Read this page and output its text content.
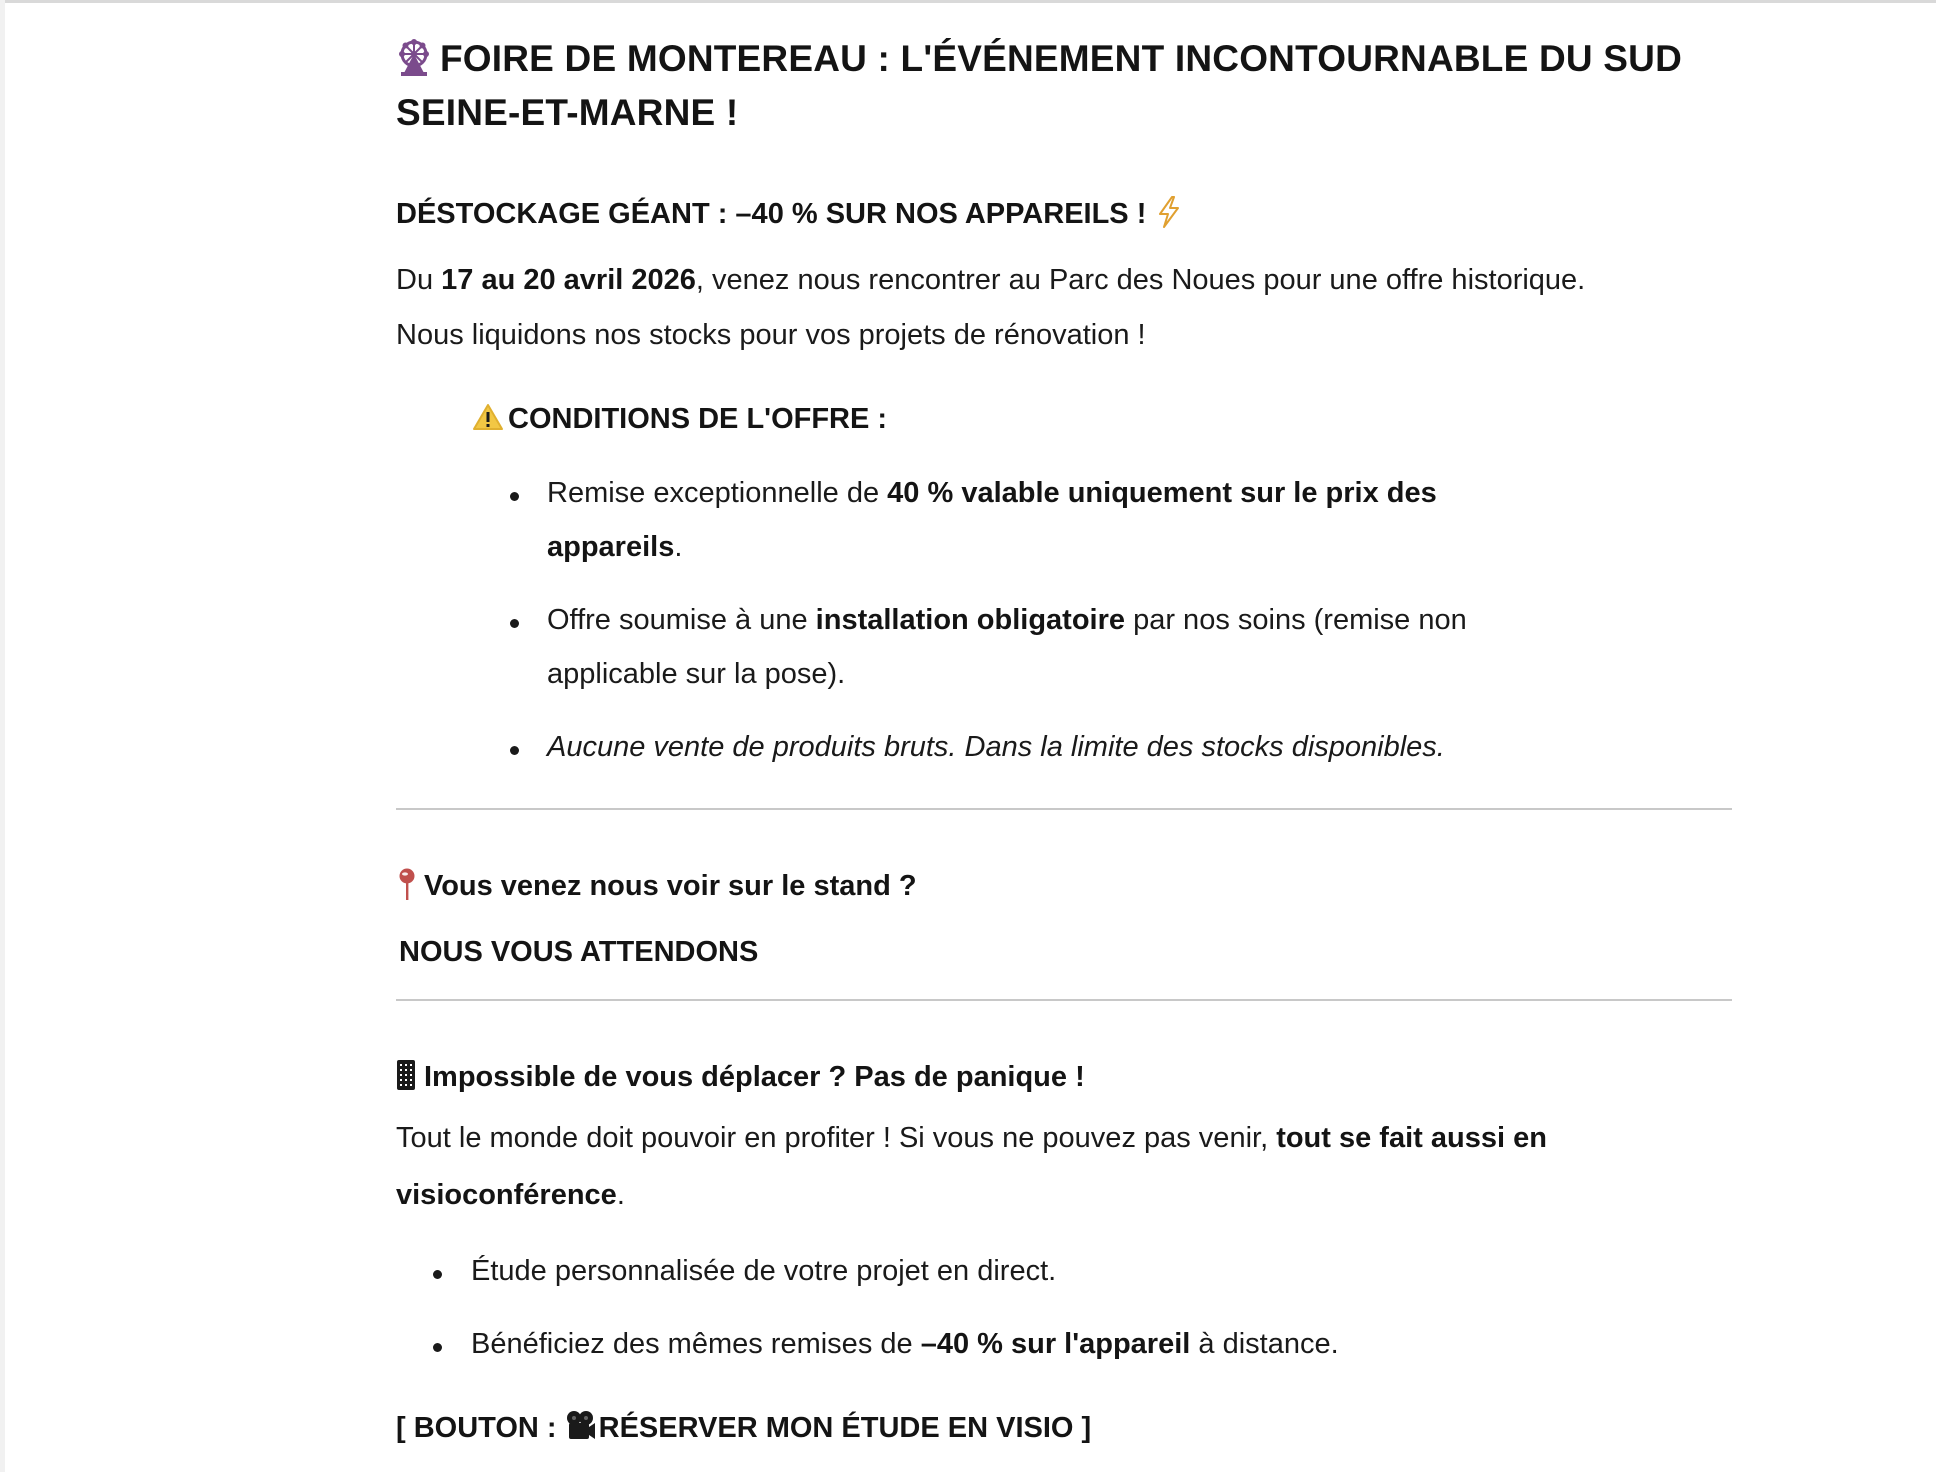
FOIRE DE MONTEREAU : L'ÉVÉNEMENT INCONTOURNABLE DU SUD
SEINE-ET-MARNE !
DÉSTOCKAGE GÉANT : –40 % SUR NOS APPAREILS !
Du 17 au 20 avril 2026, venez nous rencontrer au Parc des Noues pour une offre historique.
Nous liquidons nos stocks pour vos projets de rénovation !
CONDITIONS DE L'OFFRE :
Remise exceptionnelle de 40 % valable uniquement sur le prix des
appareils.
Offre soumise à une installation obligatoire par nos soins (remise non
applicable sur la pose).
Aucune vente de produits bruts. Dans la limite des stocks disponibles.
Vous venez nous voir sur le stand ?
NOUS VOUS ATTENDONS
Impossible de vous déplacer ? Pas de panique !
Tout le monde doit pouvoir en profiter ! Si vous ne pouvez pas venir, tout se fait aussi en
visioconférence.
Étude personnalisée de votre projet en direct.
Bénéficiez des mêmes remises de –40 % sur l'appareil à distance.
[ BOUTON :
RÉSERVER MON ÉTUDE EN VISIO ]
